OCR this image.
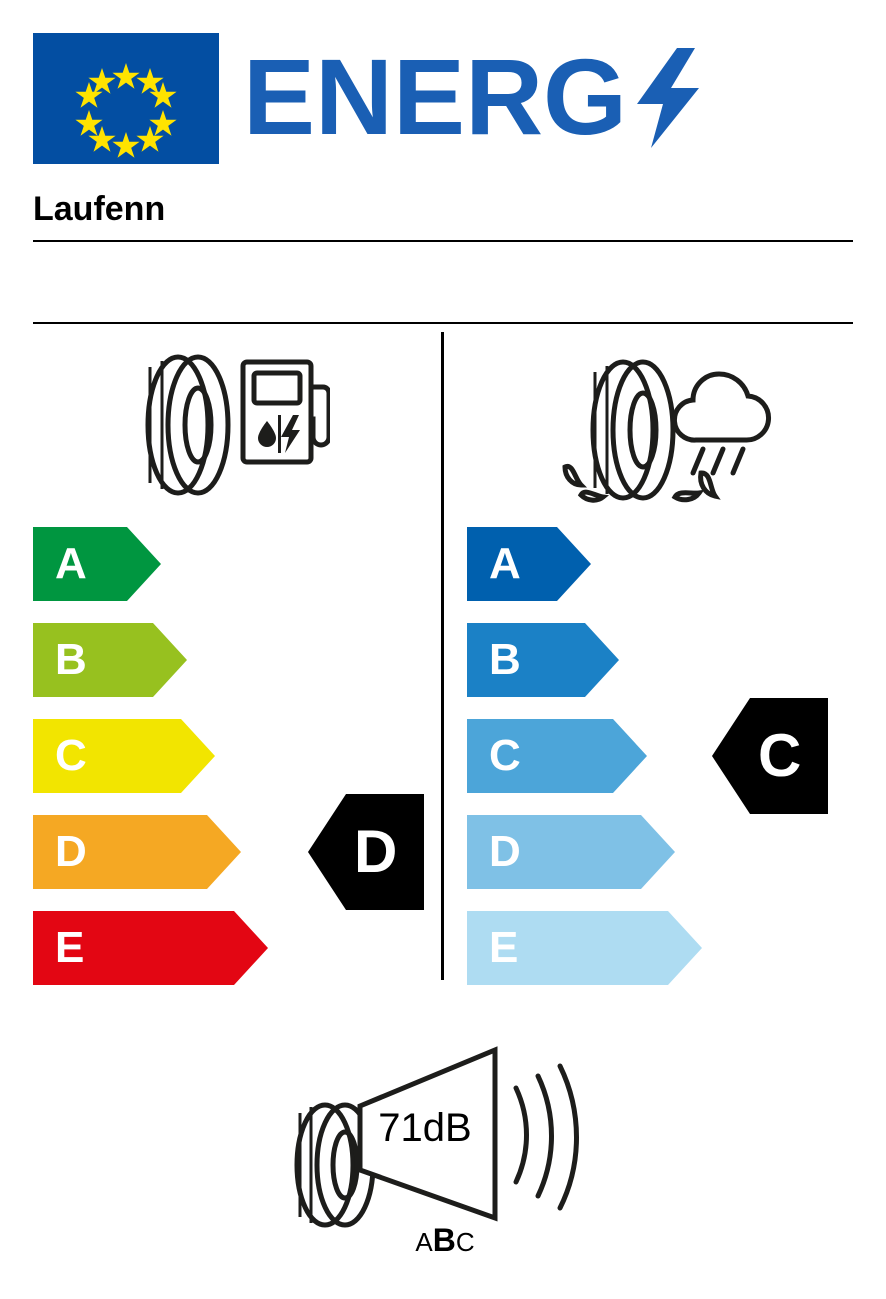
ENERG
Laufenn
A
B
C
D
E
A
B
C
D
E
71dB
ABC
D
C
